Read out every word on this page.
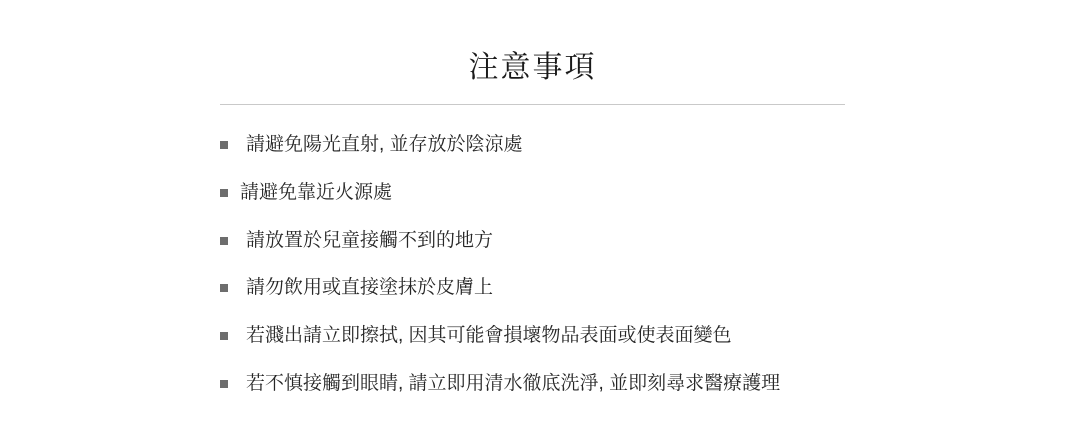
注意事項
請避免陽光直射, 並存放於陰涼處
請避免靠近火源處
請放置於兒童接觸不到的地方
請勿飲用或直接塗抹於皮膚上
若濺出請立即擦拭, 因其可能會損壞物品表面或使表面變色
若不慎接觸到眼睛, 請立即用清水徹底洗淨, 並即刻尋求醫療護理
